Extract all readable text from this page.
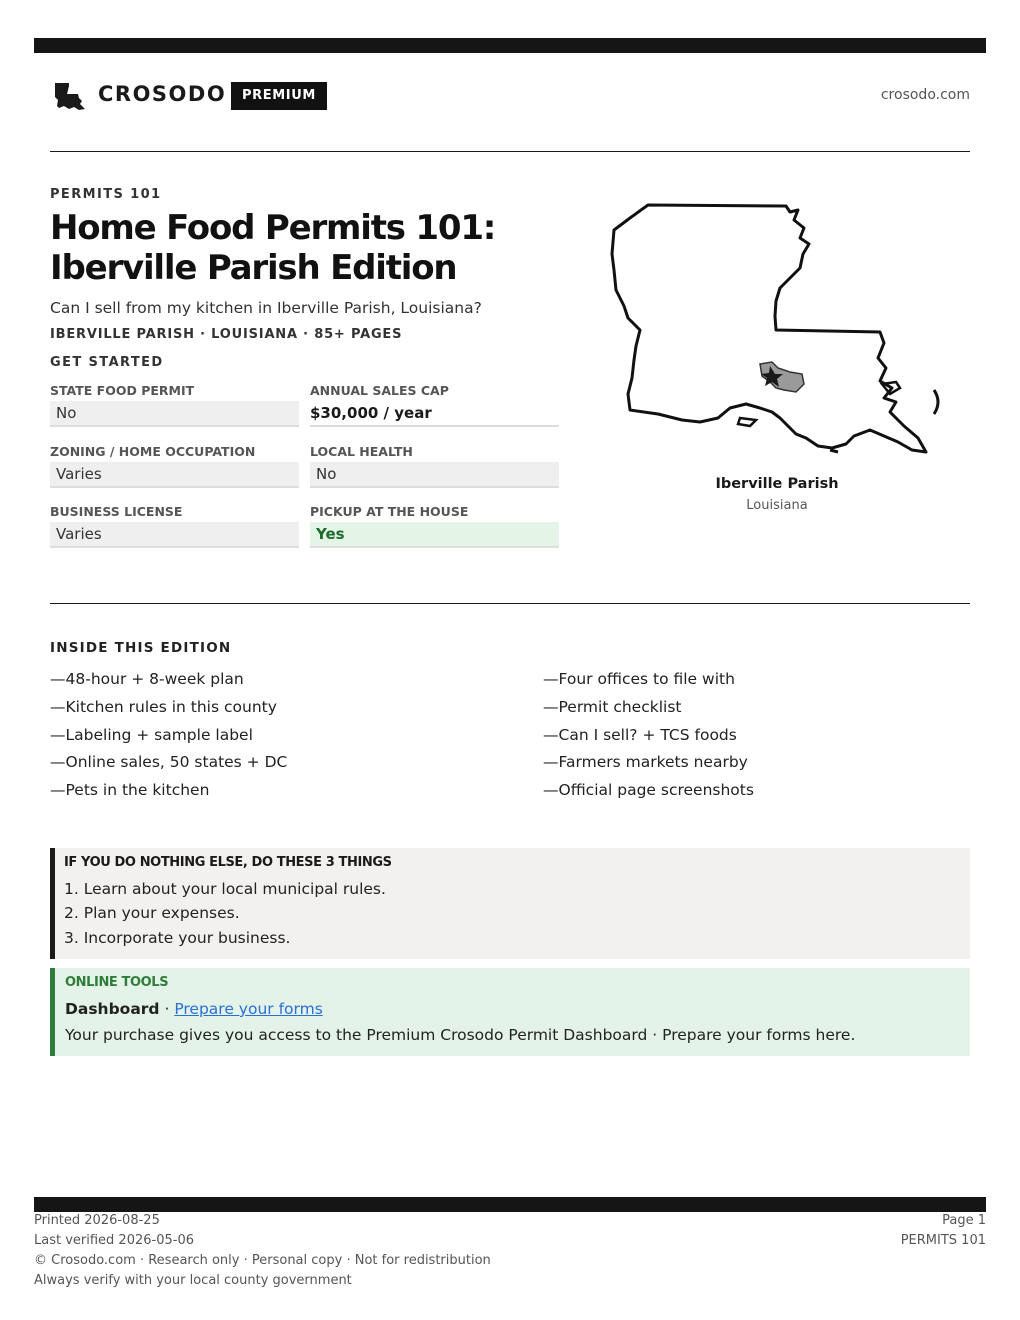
CROSODO	PREMIUM	crosodo.com
PERMITS 101
Home Food Permits 101: Iberville Parish Edition
Can I sell from my kitchen in Iberville Parish, Louisiana?
IBERVILLE PARISH · LOUISIANA · 85+ PAGES
GET STARTED
STATE FOOD PERMIT
No
ANNUAL SALES CAP
$30,000 / year
ZONING / HOME OCCUPATION
Varies
LOCAL HEALTH
No
BUSINESS LICENSE
Varies
PICKUP AT THE HOUSE
Yes
Iberville Parish
Louisiana
INSIDE THIS EDITION
—48-hour + 8-week plan
—Kitchen rules in this county
—Labeling + sample label
—Online sales, 50 states + DC
—Pets in the kitchen
—Four offices to file with
—Permit checklist
—Can I sell? + TCS foods
—Farmers markets nearby
—Official page screenshots
IF YOU DO NOTHING ELSE, DO THESE 3 THINGS
1. Learn about your local municipal rules.
2. Plan your expenses.
3. Incorporate your business.
ONLINE TOOLS
Dashboard · Prepare your forms
Your purchase gives you access to the Premium Crosodo Permit Dashboard · Prepare your forms here.
Printed 2026-08-25
Last verified 2026-05-06
© Crosodo.com · Research only · Personal copy · Not for redistribution
Always verify with your local county government
Page 1
PERMITS 101
